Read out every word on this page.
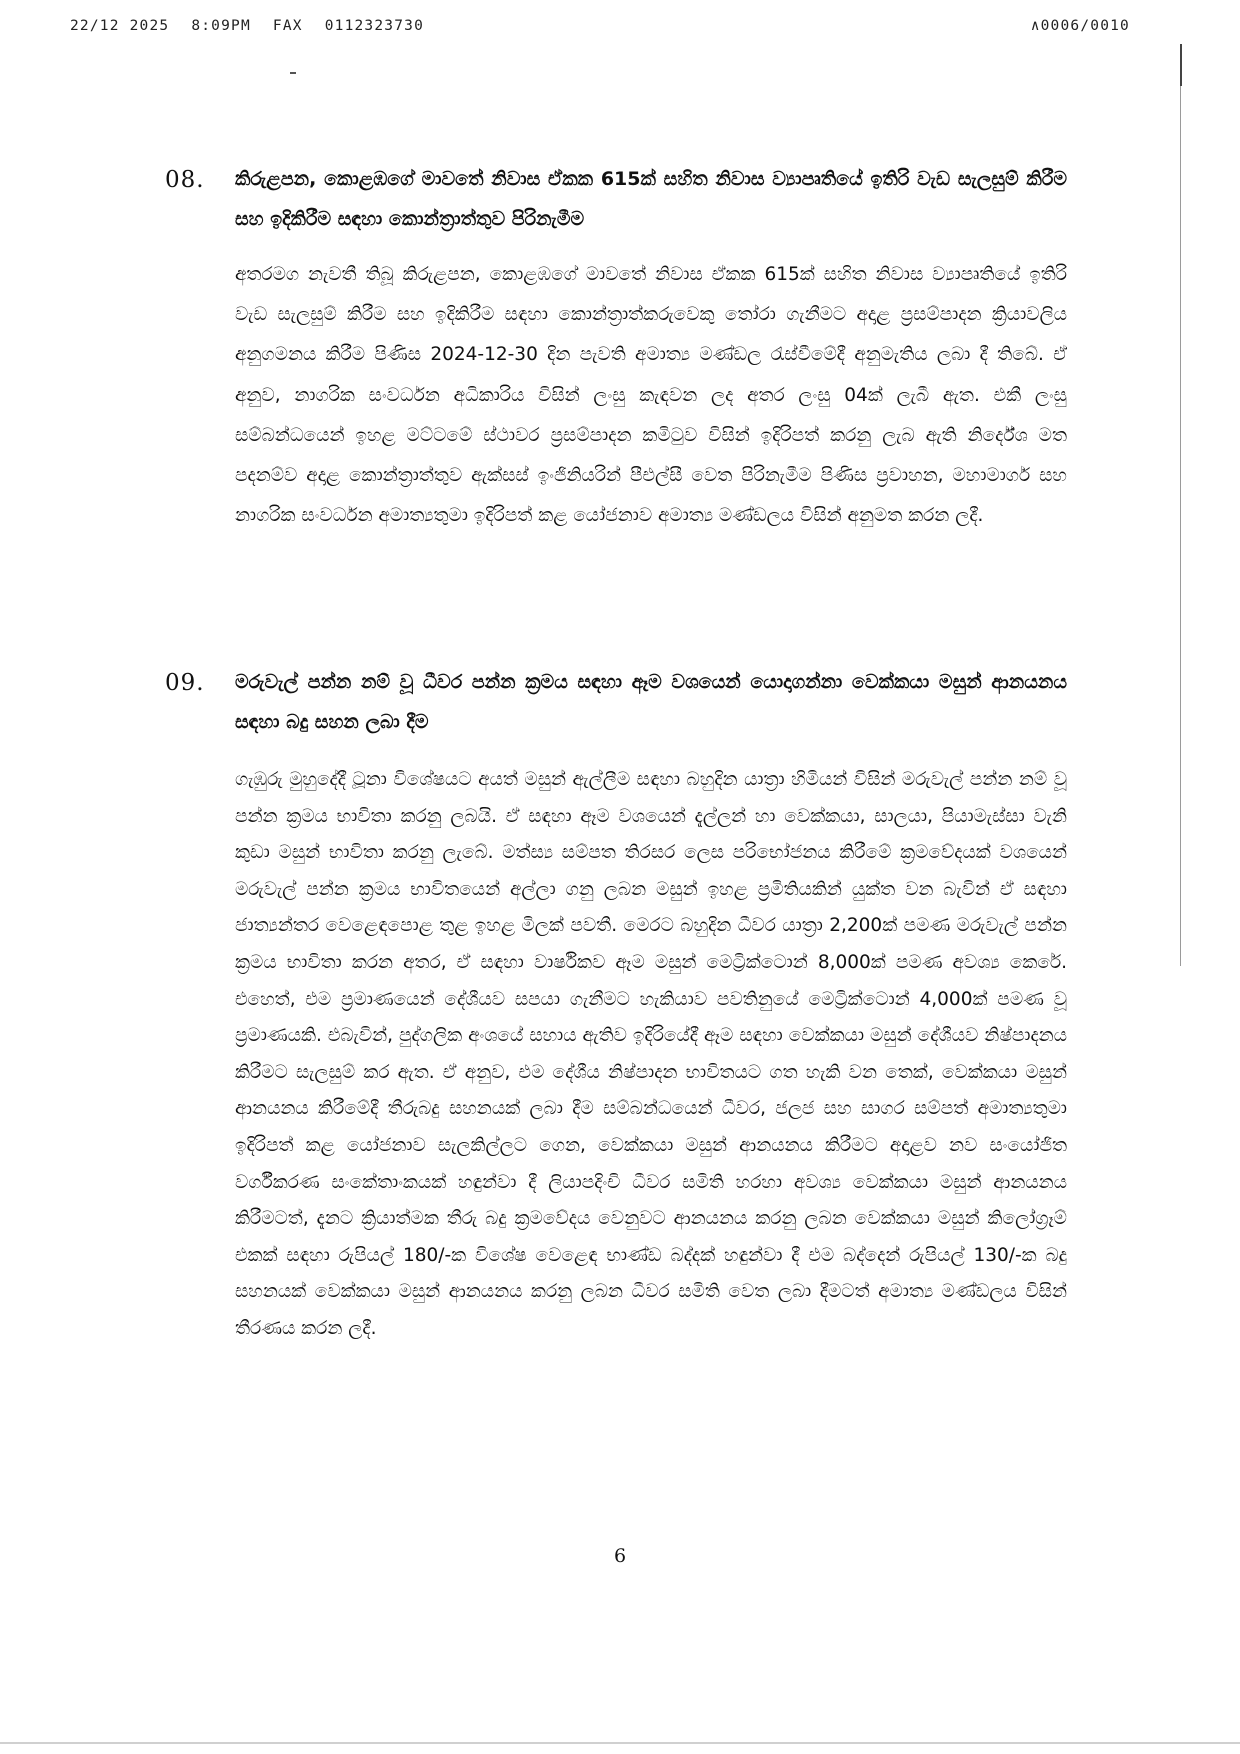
22/12 2025 8:09PM FAX 0112323730	∧0006/0010
08. කිරුළපන, කොළඹගේ මාවතේ නිවාස ඒකක 615ක් සහිත නිවාස ව්‍යාපෘතියේ ඉතිරි වැඩ සැලසුම් කිරීම සහ ඉදිකිරීම සඳහා කොන්ත්‍රාත්තුව පිරිනැමීම
අතරමග නැවතී තිබූ කිරුළපන, කොළඹගේ මාවතේ නිවාස ඒකක 615ක් සහිත නිවාස ව්‍යාපෘතියේ ඉතිරි වැඩ සැලසුම් කිරීම සහ ඉදිකිරීම සඳහා කොන්ත්‍රාත්කරුවෙකු තෝරා ගැනීමට අදාළ ප්‍රසම්පාදන ක්‍රියාවලිය අනුගමනය කිරීම පිණිස 2024-12-30 දින පැවති අමාත්‍ය මණ්ඩල රැස්වීමේදී අනුමැතිය ලබා දී තිබේ. ඒ අනුව, නාගරික සංවර්ධන අධිකාරිය විසින් ලංසු කැඳවන ලද අතර ලංසු 04ක් ලැබී ඇත. එකී ලංසු සම්බන්ධයෙන් ඉහළ මට්ටමේ ස්ථාවර ප්‍රසම්පාදන කමිටුව විසින් ඉදිරිපත් කරනු ලැබ ඇති නිර්දේශ මත පදනම්ව අදාළ කොන්ත්‍රාත්තුව ඇක්සස් ඉංජිනියරින් පීඑල්සී වෙත පිරිනැමීම පිණිස ප්‍රවාහන, මහාමාර්ග සහ නාගරික සංවර්ධන අමාත්‍යතුමා ඉදිරිපත් කළ යෝජනාව අමාත්‍ය මණ්ඩලය විසින් අනුමත කරන ලදී.
09. මරුවැල් පන්න නම් වූ ධීවර පන්න ක්‍රමය සඳහා ඈම වශයෙන් යොදාගන්නා වෙක්කයා මසුන් ආනයනය සඳහා බදු සහන ලබා දීම
ගැඹුරු මුහුදේදී ටූනා විශේෂයට අයත් මසුන් ඇල්ලීම සඳහා බහුදින යාත්‍රා හිමියන් විසින් මරුවැල් පන්න නම් වූ පන්න ක්‍රමය භාවිතා කරනු ලබයි. ඒ සඳහා ඈම වශයෙන් දැල්ලන් හා වෙක්කයා, සාලයා, පියාමැස්සා වැනි කුඩා මසුන් භාවිතා කරනු ලැබේ. මත්ස්‍ය සම්පත තිරසර ලෙස පරිභෝජනය කිරීමේ ක්‍රමවේදයක් වශයෙන් මරුවැල් පන්න ක්‍රමය භාවිතයෙන් අල්ලා ගනු ලබන මසුන් ඉහළ ප්‍රමිතියකින් යුක්ත වන බැවින් ඒ සඳහා ජාත්‍යන්තර වෙළෙඳපොළ තුළ ඉහළ මිලක් පවතී. මෙරට බහුදින ධීවර යාත්‍රා 2,200ක් පමණ මරුවැල් පන්න ක්‍රමය භාවිතා කරන අතර, ඒ සඳහා වාර්ෂිකව ඈම මසුන් මෙට්‍රික්ටොන් 8,000ක් පමණ අවශ්‍ය කෙරේ. එහෙත්, එම ප්‍රමාණයෙන් දේශීයව සපයා ගැනීමට හැකියාව පවතිනුයේ මෙට්‍රික්ටොන් 4,000ක් පමණ වූ ප්‍රමාණයකි. එබැවින්, පුද්ගලික අංශයේ සහාය ඇතිව ඉදිරියේදී ඈම සඳහා වෙක්කයා මසුන් දේශීයව නිෂ්පාදනය කිරීමට සැලසුම් කර ඇත. ඒ අනුව, එම දේශීය නිෂ්පාදන භාවිතයට ගත හැකි වන තෙක්, වෙක්කයා මසුන් ආනයනය කිරීමේදී තීරුබදු සහනයක් ලබා දීම සම්බන්ධයෙන් ධීවර, ජලජ සහ සාගර සම්පත් අමාත්‍යතුමා ඉදිරිපත් කළ යෝජනාව සැලකිල්ලට ගෙන, වෙක්කයා මසුන් ආනයනය කිරීමට අදාළව නව සංයෝජිත වර්ගීකරණ සංකේතාංකයක් හඳුන්වා දී ලියාපදිංචි ධීවර සමිති හරහා අවශ්‍ය වෙක්කයා මසුන් ආනයනය කිරීමටත්, දැනට ක්‍රියාත්මක තීරු බදු ක්‍රමවේදය වෙනුවට ආනයනය කරනු ලබන වෙක්කයා මසුන් කිලෝග්‍රෑම් එකක් සඳහා රුපියල් 180/-ක විශේෂ වෙළෙඳ භාණ්ඩ බද්දක් හඳුන්වා දී එම බද්දෙන් රුපියල් 130/-ක බදු සහනයක් වෙක්කයා මසුන් ආනයනය කරනු ලබන ධීවර සමිති වෙත ලබා දීමටත් අමාත්‍ය මණ්ඩලය විසින් තීරණය කරන ලදී.
6
